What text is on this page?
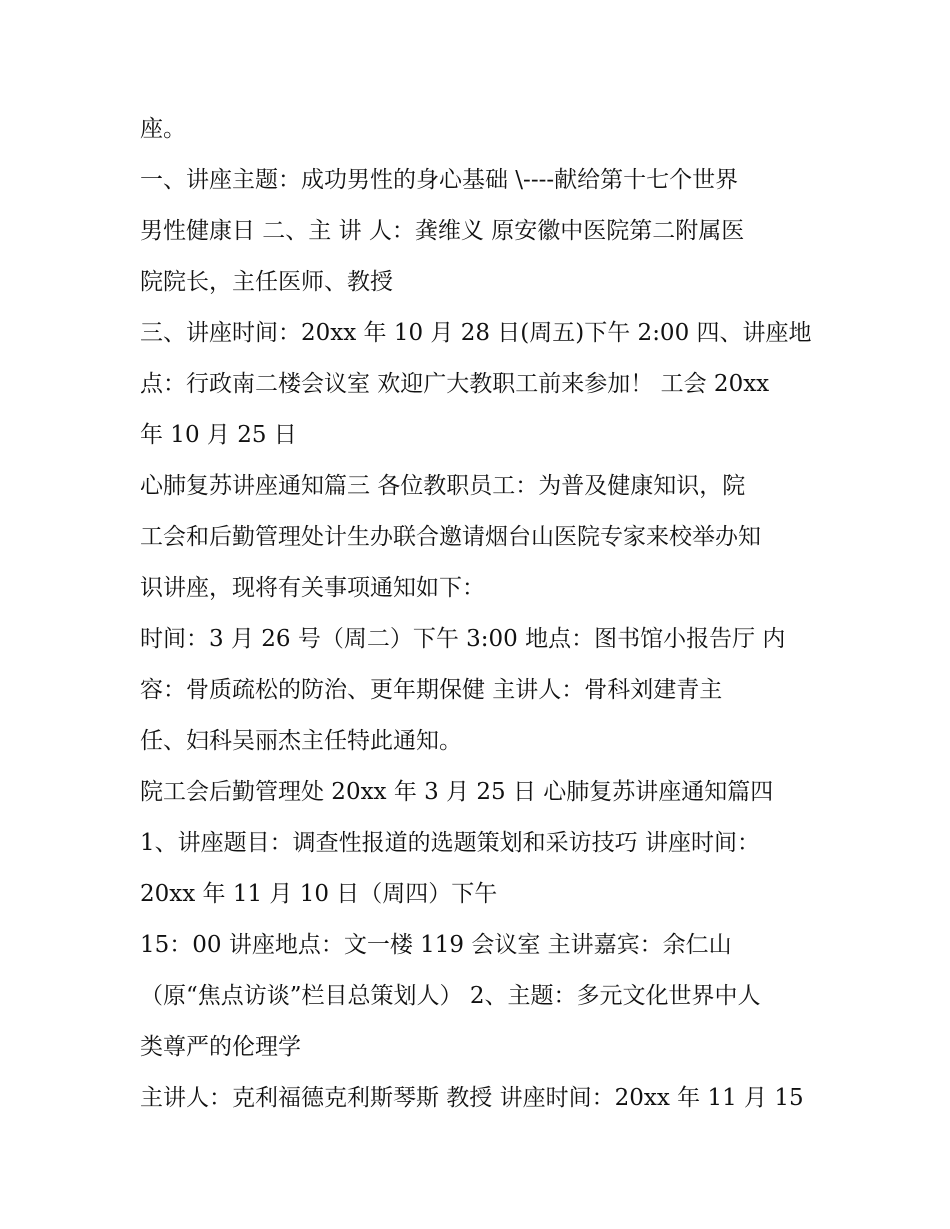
座。
一、讲座主题：成功男性的身心基础 \----献给第十七个世界
男性健康日 二、主 讲 人：龚维义 原安徽中医院第二附属医
院院长，主任医师、教授
三、讲座时间：20xx 年 10 月 28 日(周五)下午 2:00 四、讲座地
点：行政南二楼会议室 欢迎广大教职工前来参加！ 工会 20xx
年 10 月 25 日
心肺复苏讲座通知篇三 各位教职员工：为普及健康知识，院
工会和后勤管理处计生办联合邀请烟台山医院专家来校举办知
识讲座，现将有关事项通知如下：
时间：3 月 26 号（周二）下午 3:00 地点：图书馆小报告厅 内
容：骨质疏松的防治、更年期保健 主讲人：骨科刘建青主
任、妇科吴丽杰主任特此通知。
院工会后勤管理处 20xx 年 3 月 25 日 心肺复苏讲座通知篇四
1、讲座题目：调查性报道的选题策划和采访技巧 讲座时间：
20xx 年 11 月 10 日（周四）下午
15：00 讲座地点：文一楼 119 会议室 主讲嘉宾：余仁山
（原“焦点访谈”栏目总策划人） 2、主题：多元文化世界中人
类尊严的伦理学
主讲人：克利福德克利斯琴斯 教授 讲座时间：20xx 年 11 月 15
